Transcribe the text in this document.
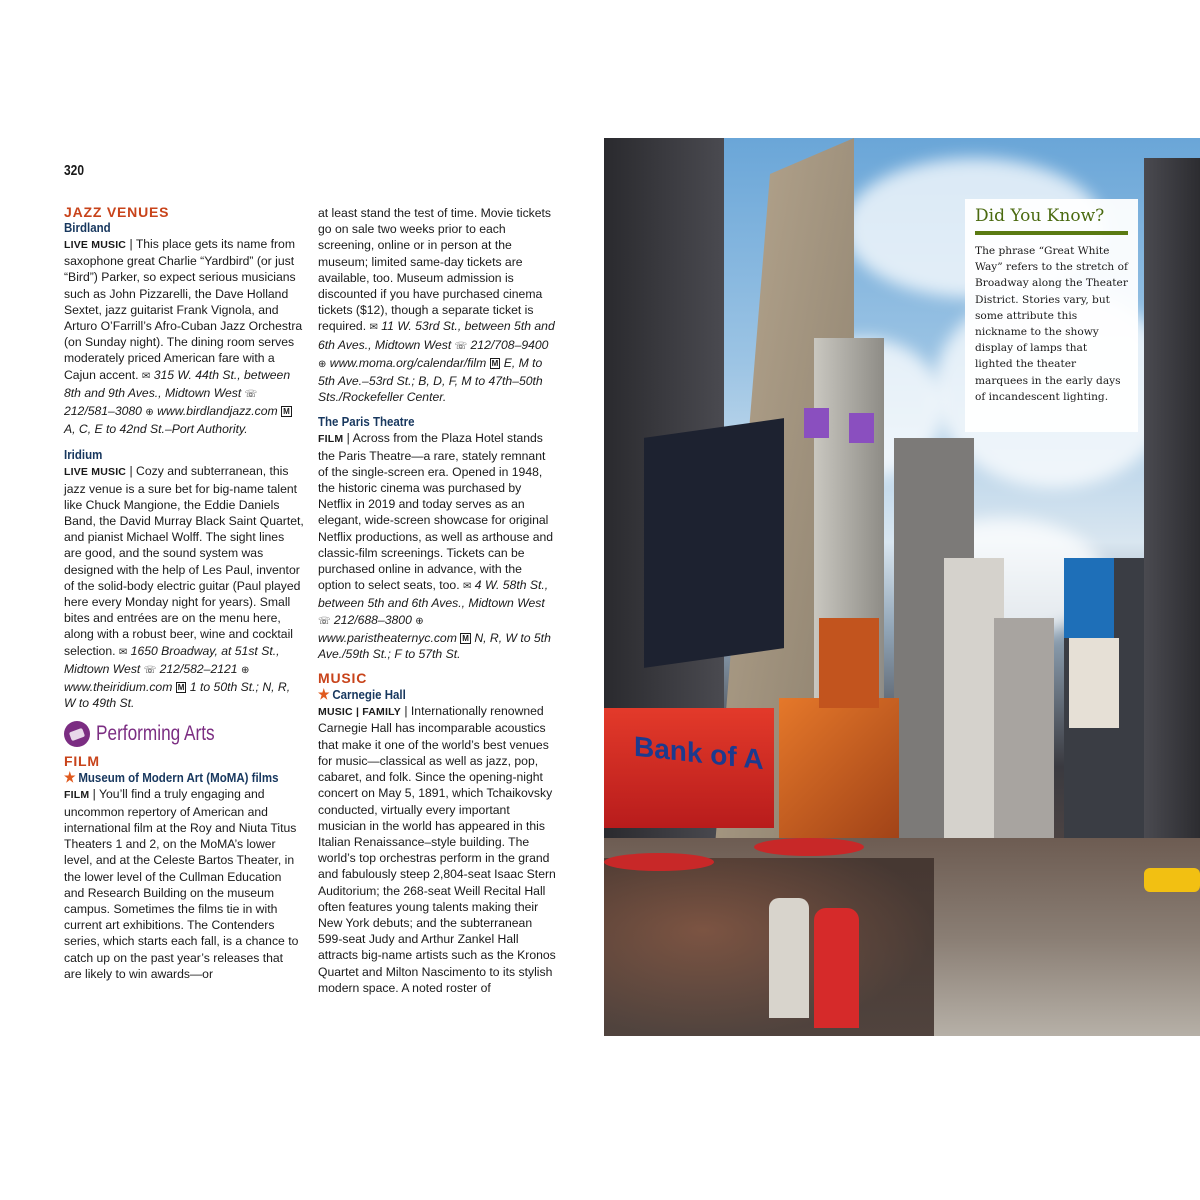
320
JAZZ VENUES
Birdland

LIVE MUSIC | This place gets its name from saxophone great Charlie “Yardbird” (or just “Bird”) Parker, so expect serious musicians such as John Pizzarelli, the Dave Holland Sextet, jazz guitarist Frank Vignola, and Arturo O’Farrill’s Afro-Cuban Jazz Orchestra (on Sunday night). The dining room serves moderately priced American fare with a Cajun accent. ✉ 315 W. 44th St., between 8th and 9th Aves., Midtown West ☏ 212/581–3080 ⊕ www.birdlandjazz.com M A, C, E to 42nd St.–Port Authority.

Iridium

LIVE MUSIC | Cozy and subterranean, this jazz venue is a sure bet for big-name talent like Chuck Mangione, the Eddie Daniels Band, the David Murray Black Saint Quartet, and pianist Michael Wolff. The sight lines are good, and the sound system was designed with the help of Les Paul, inventor of the solid-body electric guitar (Paul played here every Monday night for years). Small bites and entrées are on the menu here, along with a robust beer, wine and cocktail selection. ✉ 1650 Broadway, at 51st St., Midtown West ☏ 212/582–2121 ⊕ www.theiridium.com M 1 to 50th St.; N, R, W to 49th St.

Performing Arts
FILM
★ Museum of Modern Art (MoMA) films

FILM | You’ll find a truly engaging and uncommon repertory of American and international film at the Roy and Niuta Titus Theaters 1 and 2, on the MoMA’s lower level, and at the Celeste Bartos Theater, in the lower level of the Cullman Education and Research Building on the museum campus. Sometimes the films tie in with current art exhibitions. The Contenders series, which starts each fall, is a chance to catch up on the past year’s releases that are likely to win awards—or

at least stand the test of time. Movie tickets go on sale two weeks prior to each screening, online or in person at the museum; limited same-day tickets are available, too. Museum admission is discounted if you have purchased cinema tickets ($12), though a separate ticket is required. ✉ 11 W. 53rd St., between 5th and 6th Aves., Midtown West ☏ 212/708–9400 ⊕ www.moma.org/calendar/film M E, M to 5th Ave.–53rd St.; B, D, F, M to 47th–50th Sts./Rockefeller Center.

The Paris Theatre

FILM | Across from the Plaza Hotel stands the Paris Theatre—a rare, stately remnant of the single-screen era. Opened in 1948, the historic cinema was purchased by Netflix in 2019 and today serves as an elegant, wide-screen showcase for original Netflix productions, as well as arthouse and classic-film screenings. Tickets can be purchased online in advance, with the option to select seats, too. ✉ 4 W. 58th St., between 5th and 6th Aves., Midtown West ☏ 212/688–3800 ⊕ www.paristheaternyc.com M N, R, W to 5th Ave./59th St.; F to 57th St.

MUSIC
★ Carnegie Hall

MUSIC | FAMILY | Internationally renowned Carnegie Hall has incomparable acoustics that make it one of the world’s best venues for music—classical as well as jazz, pop, cabaret, and folk. Since the opening-night concert on May 5, 1891, which Tchaikovsky conducted, virtually every important musician in the world has appeared in this Italian Renaissance–style building. The world’s top orchestras perform in the grand and fabulously steep 2,804-seat Isaac Stern Auditorium; the 268-seat Weill Recital Hall often features young talents making their New York debuts; and the subterranean 599-seat Judy and Arthur Zankel Hall attracts big-name artists such as the Kronos Quartet and Milton Nascimento to its stylish modern space. A noted roster of

Bank of A
Did You Know?
The phrase “Great White Way” refers to the stretch of Broadway along the Theater District. Stories vary, but some attribute this nickname to the showy display of lamps that lighted the theater marquees in the early days of incandescent lighting.
